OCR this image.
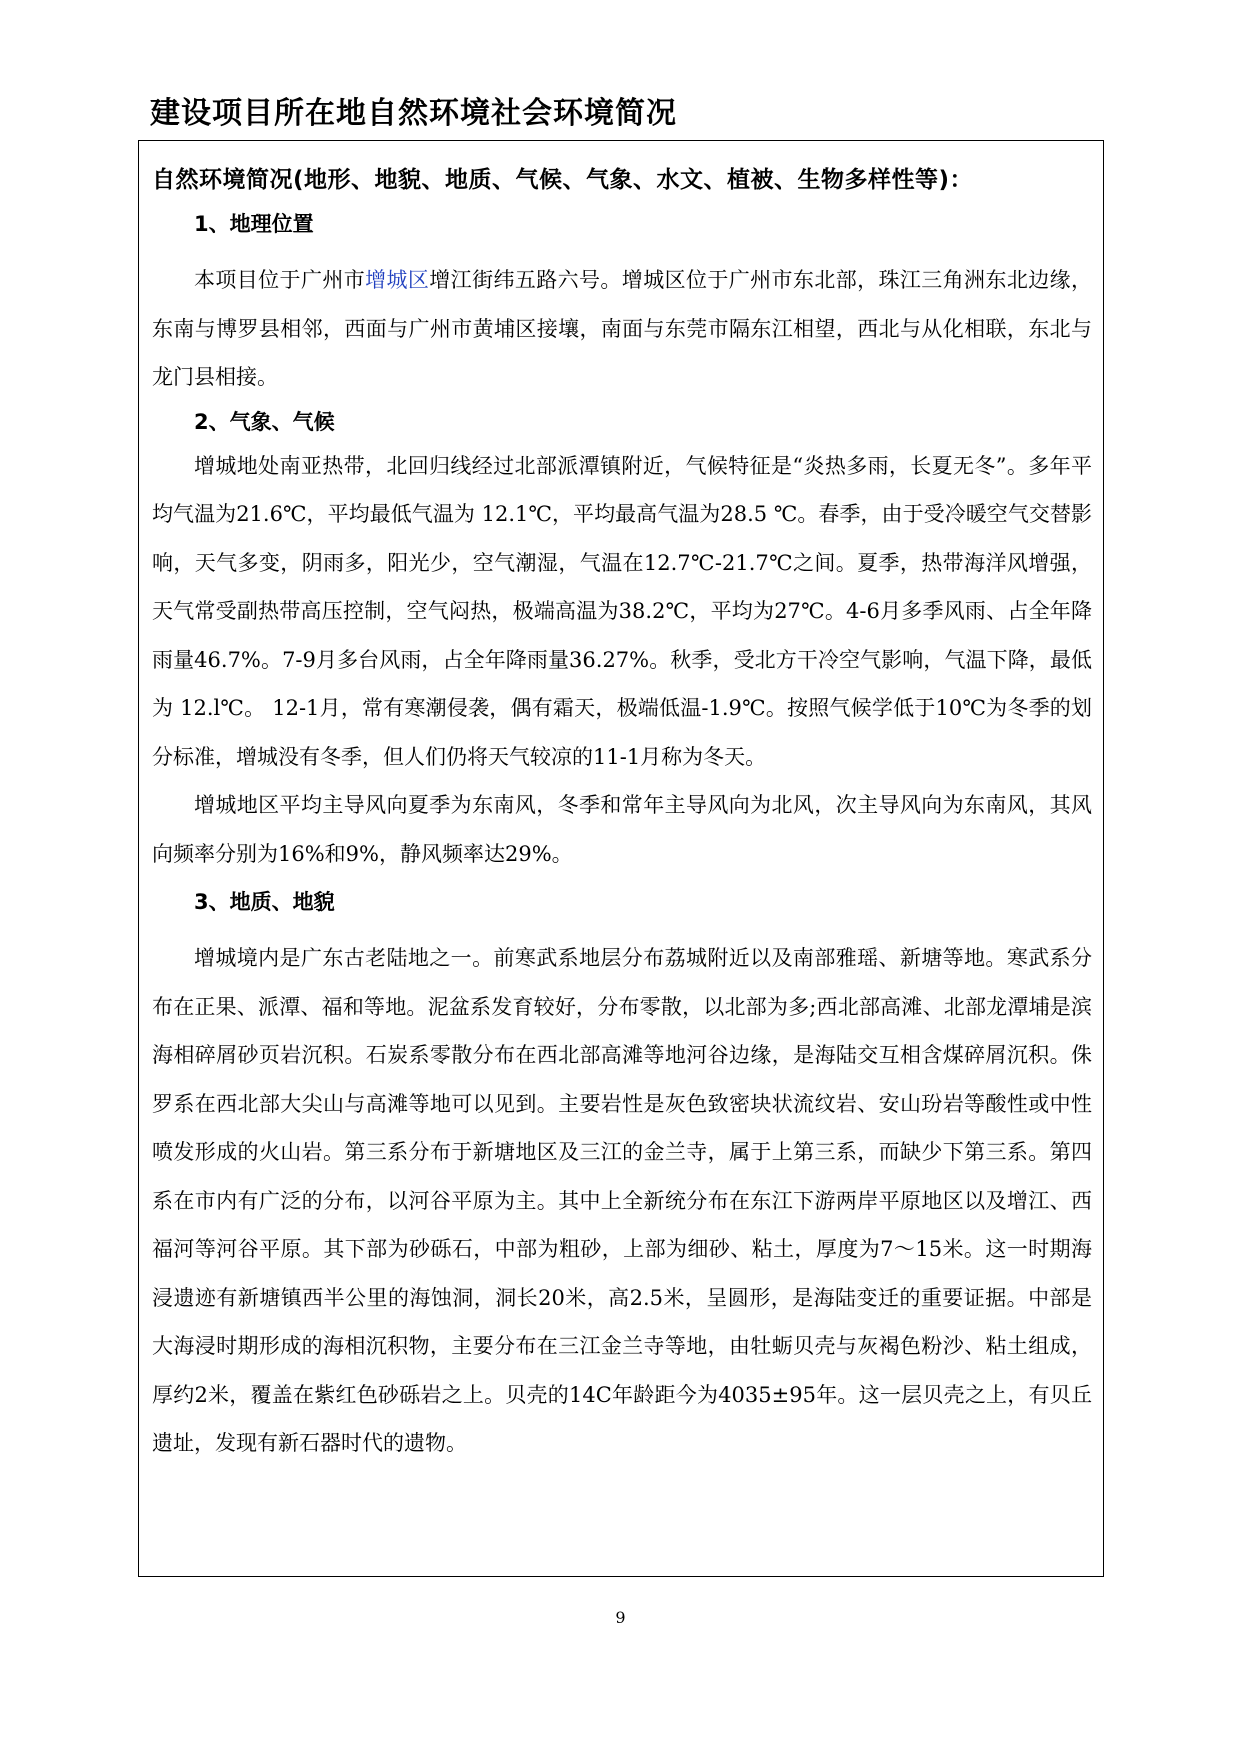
建设项目所在地自然环境社会环境简况
自然环境简况(地形、地貌、地质、气候、气象、水文、植被、生物多样性等)：
1、地理位置

本项目位于广州市增城区增江街纬五路六号。增城区位于广州市东北部，珠江三角洲东北边缘，东南与博罗县相邻，西面与广州市黄埔区接壤，南面与东莞市隔东江相望，西北与从化相联，东北与龙门县相接。

2、气象、气候

增城地处南亚热带，北回归线经过北部派潭镇附近，气候特征是“炎热多雨，长夏无冬”。多年平均气温为21.6℃，平均最低气温为 12.1℃，平均最高气温为28.5 ℃。春季，由于受冷暖空气交替影响，天气多变，阴雨多，阳光少，空气潮湿，气温在12.7℃-21.7℃之间。夏季，热带海洋风增强，天气常受副热带高压控制，空气闷热，极端高温为38.2℃，平均为27℃。4-6月多季风雨、占全年降雨量46.7%。7-9月多台风雨，占全年降雨量36.27%。秋季，受北方干冷空气影响，气温下降，最低为 12.l℃。 12-1月，常有寒潮侵袭，偶有霜天，极端低温-1.9℃。按照气候学低于10℃为冬季的划分标准，增城没有冬季，但人们仍将天气较凉的11-1月称为冬天。

增城地区平均主导风向夏季为东南风，冬季和常年主导风向为北风，次主导风向为东南风，其风向频率分别为16%和9%，静风频率达29%。

3、地质、地貌

增城境内是广东古老陆地之一。前寒武系地层分布荔城附近以及南部雅瑶、新塘等地。寒武系分布在正果、派潭、福和等地。泥盆系发育较好，分布零散，以北部为多;西北部高滩、北部龙潭埔是滨海相碎屑砂页岩沉积。石炭系零散分布在西北部高滩等地河谷边缘，是海陆交互相含煤碎屑沉积。侏罗系在西北部大尖山与高滩等地可以见到。主要岩性是灰色致密块状流纹岩、安山玢岩等酸性或中性喷发形成的火山岩。第三系分布于新塘地区及三江的金兰寺，属于上第三系，而缺少下第三系。第四系在市内有广泛的分布，以河谷平原为主。其中上全新统分布在东江下游两岸平原地区以及增江、西福河等河谷平原。其下部为砂砾石，中部为粗砂，上部为细砂、粘土，厚度为7～15米。这一时期海浸遗迹有新塘镇西半公里的海蚀洞，洞长20米，高2.5米，呈圆形，是海陆变迁的重要证据。中部是大海浸时期形成的海相沉积物，主要分布在三江金兰寺等地，由牡蛎贝壳与灰褐色粉沙、粘土组成，厚约2米，覆盖在紫红色砂砾岩之上。贝壳的14C年龄距今为4035±95年。这一层贝壳之上，有贝丘遗址，发现有新石器时代的遗物。

9
